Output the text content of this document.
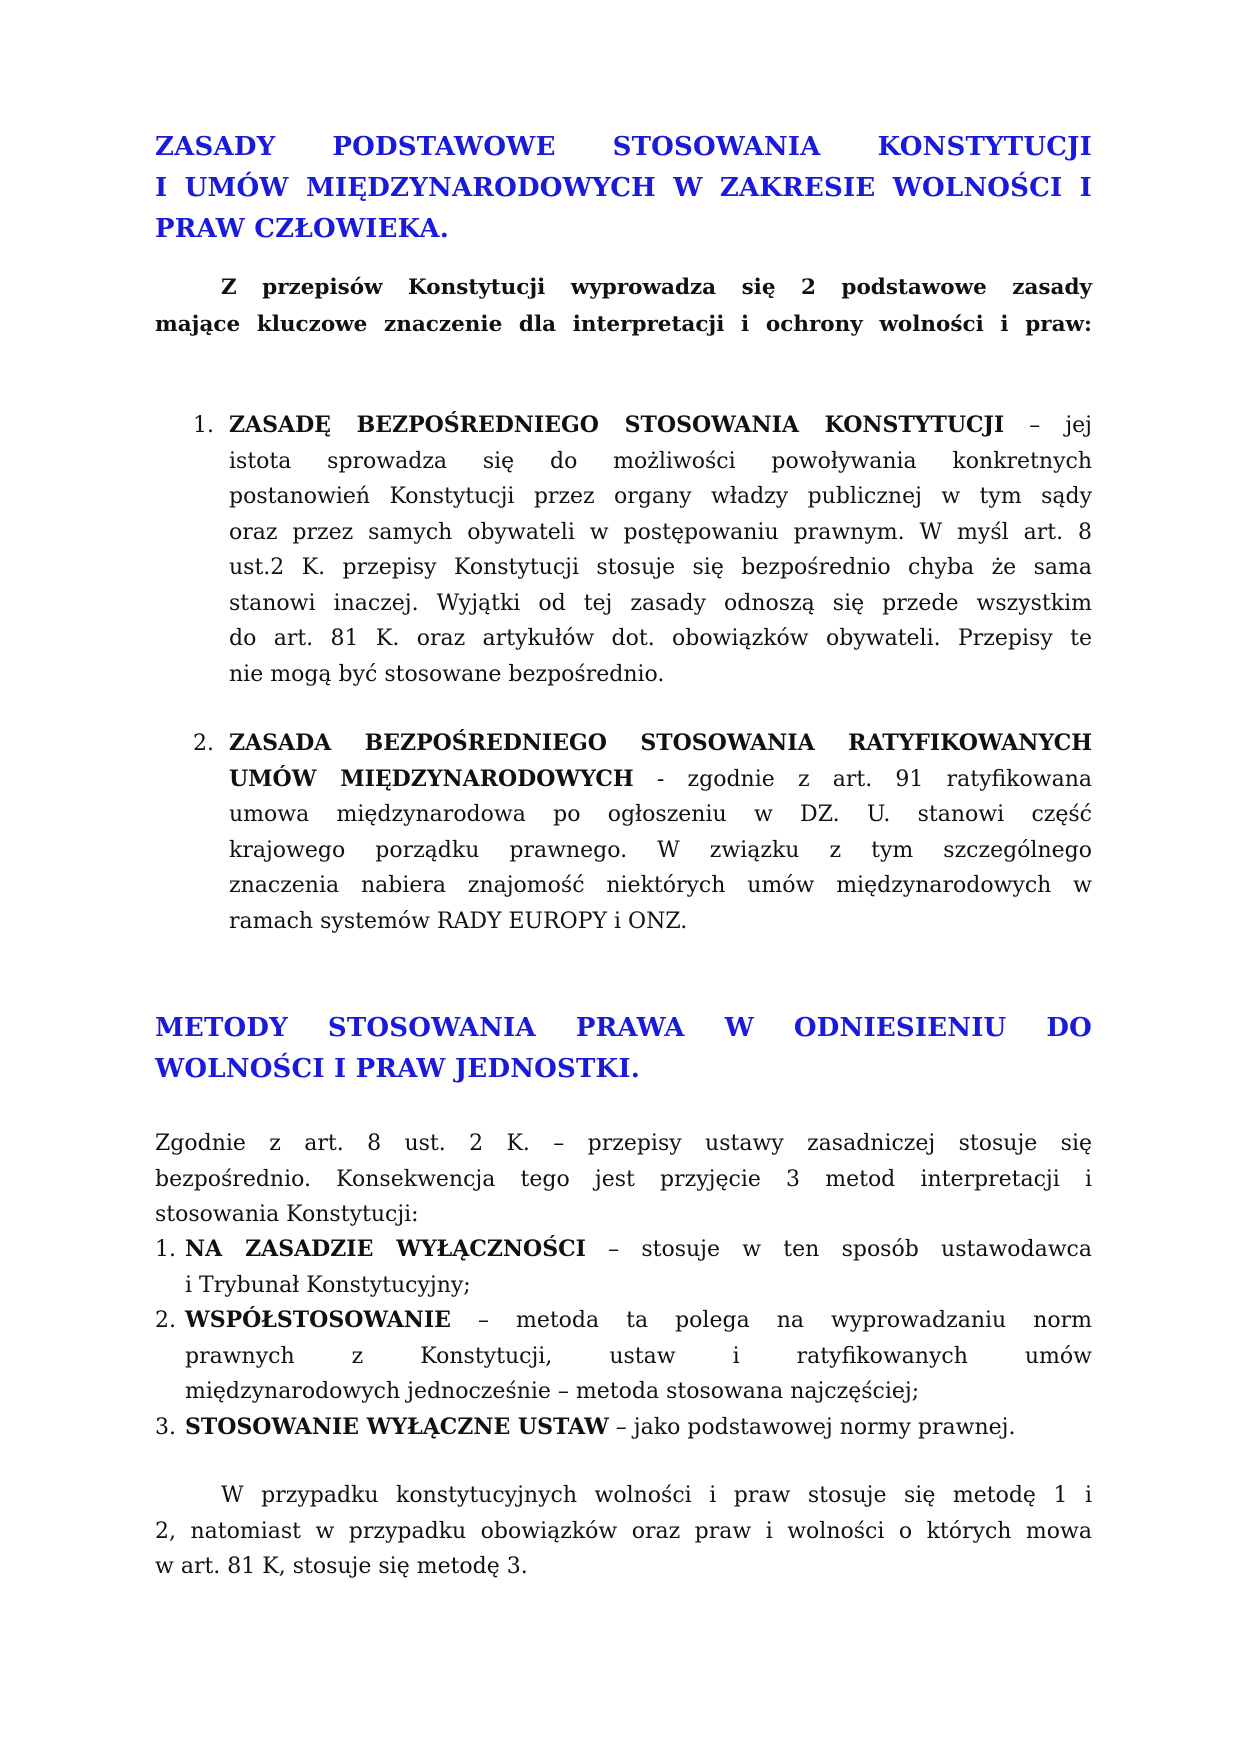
ZASADY PODSTAWOWE STOSOWANIA KONSTYTUCJI
I UMÓW MIĘDZYNARODOWYCH W ZAKRESIE WOLNOŚCI I
PRAW CZŁOWIEKA.
Z przepisów Konstytucji wyprowadza się 2 podstawowe zasady
mające kluczowe znaczenie dla interpretacji i ochrony wolności i praw:
1. ZASADĘ BEZPOŚREDNIEGO STOSOWANIA KONSTYTUCJI – jej
istota sprowadza się do możliwości powoływania konkretnych
postanowień Konstytucji przez organy władzy publicznej w tym sądy
oraz przez samych obywateli w postępowaniu prawnym. W myśl art. 8
ust.2 K. przepisy Konstytucji stosuje się bezpośrednio chyba że sama
stanowi inaczej. Wyjątki od tej zasady odnoszą się przede wszystkim
do art. 81 K. oraz artykułów dot. obowiązków obywateli. Przepisy te
nie mogą być stosowane bezpośrednio.
2. ZASADA BEZPOŚREDNIEGO STOSOWANIA RATYFIKOWANYCH
UMÓW MIĘDZYNARODOWYCH - zgodnie z art. 91 ratyfikowana
umowa międzynarodowa po ogłoszeniu w DZ. U. stanowi część
krajowego porządku prawnego. W związku z tym szczególnego
znaczenia nabiera znajomość niektórych umów międzynarodowych w
ramach systemów RADY EUROPY i ONZ.
METODY STOSOWANIA PRAWA W ODNIESIENIU DO
WOLNOŚCI I PRAW JEDNOSTKI.
Zgodnie z art. 8 ust. 2 K. – przepisy ustawy zasadniczej stosuje się
bezpośrednio. Konsekwencja tego jest przyjęcie 3 metod interpretacji i
stosowania Konstytucji:
1. NA ZASADZIE WYŁĄCZNOŚCI – stosuje w ten sposób ustawodawca
i Trybunał Konstytucyjny;
2. WSPÓŁSTOSOWANIE – metoda ta polega na wyprowadzaniu norm
prawnych z Konstytucji, ustaw i ratyfikowanych umów
międzynarodowych jednocześnie – metoda stosowana najczęściej;
3. STOSOWANIE WYŁĄCZNE USTAW – jako podstawowej normy prawnej.
W przypadku konstytucyjnych wolności i praw stosuje się metodę 1 i
2, natomiast w przypadku obowiązków oraz praw i wolności o których mowa
w art. 81 K, stosuje się metodę 3.
